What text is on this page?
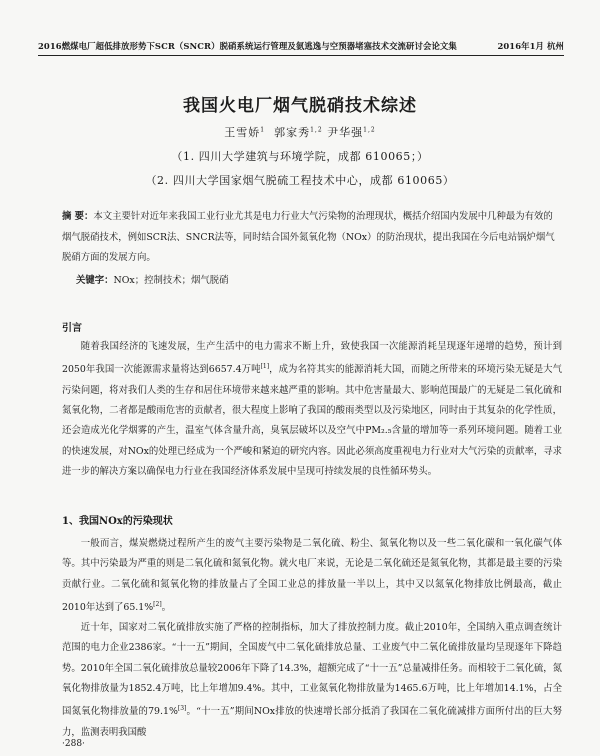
2016燃煤电厂超低排放形势下SCR（SNCR）脱硝系统运行管理及氨逃逸与空预器堵塞技术交流研讨会论文集	2016年1月 杭州
我国火电厂烟气脱硝技术综述
王雪娇$^1$ 郭家秀$^{1,2}$ 尹华强$^{1,2}$
（1. 四川大学建筑与环境学院，成都 610065；）
（2. 四川大学国家烟气脱硫工程技术中心，成都 610065）
摘 要：本文主要针对近年来我国工业行业尤其是电力行业大气污染物的治理现状，概括介绍国内发展中几种最为有效的烟气脱硝技术，例如SCR法、SNCR法等，同时结合国外氮氧化物（NOx）的防治现状，提出我国在今后电站锅炉烟气脱硝方面的发展方向。
关键字：NOx；控制技术；烟气脱硝
引言
随着我国经济的飞速发展，生产生活中的电力需求不断上升，致使我国一次能源消耗呈现逐年递增的趋势，预计到2050年我国一次能源需求量将达到6657.4万吨[1]，成为名符其实的能源消耗大国，而随之所带来的环境污染无疑是大气污染问题，将对我们人类的生存和居住环境带来越来越严重的影响。其中危害量最大、影响范围最广的无疑是二氧化硫和氮氧化物，二者都是酸雨危害的贡献者，很大程度上影响了我国的酸雨类型以及污染地区，同时由于其复杂的化学性质，还会造成光化学烟雾的产生，温室气体含量升高，臭氧层破坏以及空气中PM₂.₅含量的增加等一系列环境问题。随着工业的快速发展，对NOx的处理已经成为一个严峻和紧迫的研究内容。因此必须高度重视电力行业对大气污染的贡献率，寻求进一步的解决方案以确保电力行业在我国经济体系发展中呈现可持续发展的良性循环势头。
1、我国NOx的污染现状
一般而言，煤炭燃烧过程所产生的废气主要污染物是二氧化硫、粉尘、氮氧化物以及一些二氧化碳和一氧化碳气体等。其中污染最为严重的则是二氧化硫和氮氧化物。就火电厂来说，无论是二氧化硫还是氮氧化物，其都是最主要的污染贡献行业。二氧化硫和氮氧化物的排放量占了全国工业总的排放量一半以上，其中又以氮氧化物排放比例最高，截止2010年达到了65.1%[2]。
近十年，国家对二氧化硫排放实施了严格的控制指标，加大了排放控制力度。截止2010年，全国纳入重点调查统计范围的电力企业2386家。“十一五”期间，全国废气中二氧化硫排放总量、工业废气中二氧化硫排放量均呈现逐年下降趋势。2010年全国二氧化硫排放总量较2006年下降了14.3%，超额完成了“十一五”总量减排任务。而相较于二氧化硫，氮氧化物排放量为1852.4万吨，比上年增加9.4%。其中，工业氮氧化物排放量为1465.6万吨，比上年增加14.1%，占全国氮氧化物排放量的79.1%[3]。“十一五”期间NOx排放的快速增长部分抵消了我国在二氧化硫减排方面所付出的巨大努力，监测表明我国酸
·288·
